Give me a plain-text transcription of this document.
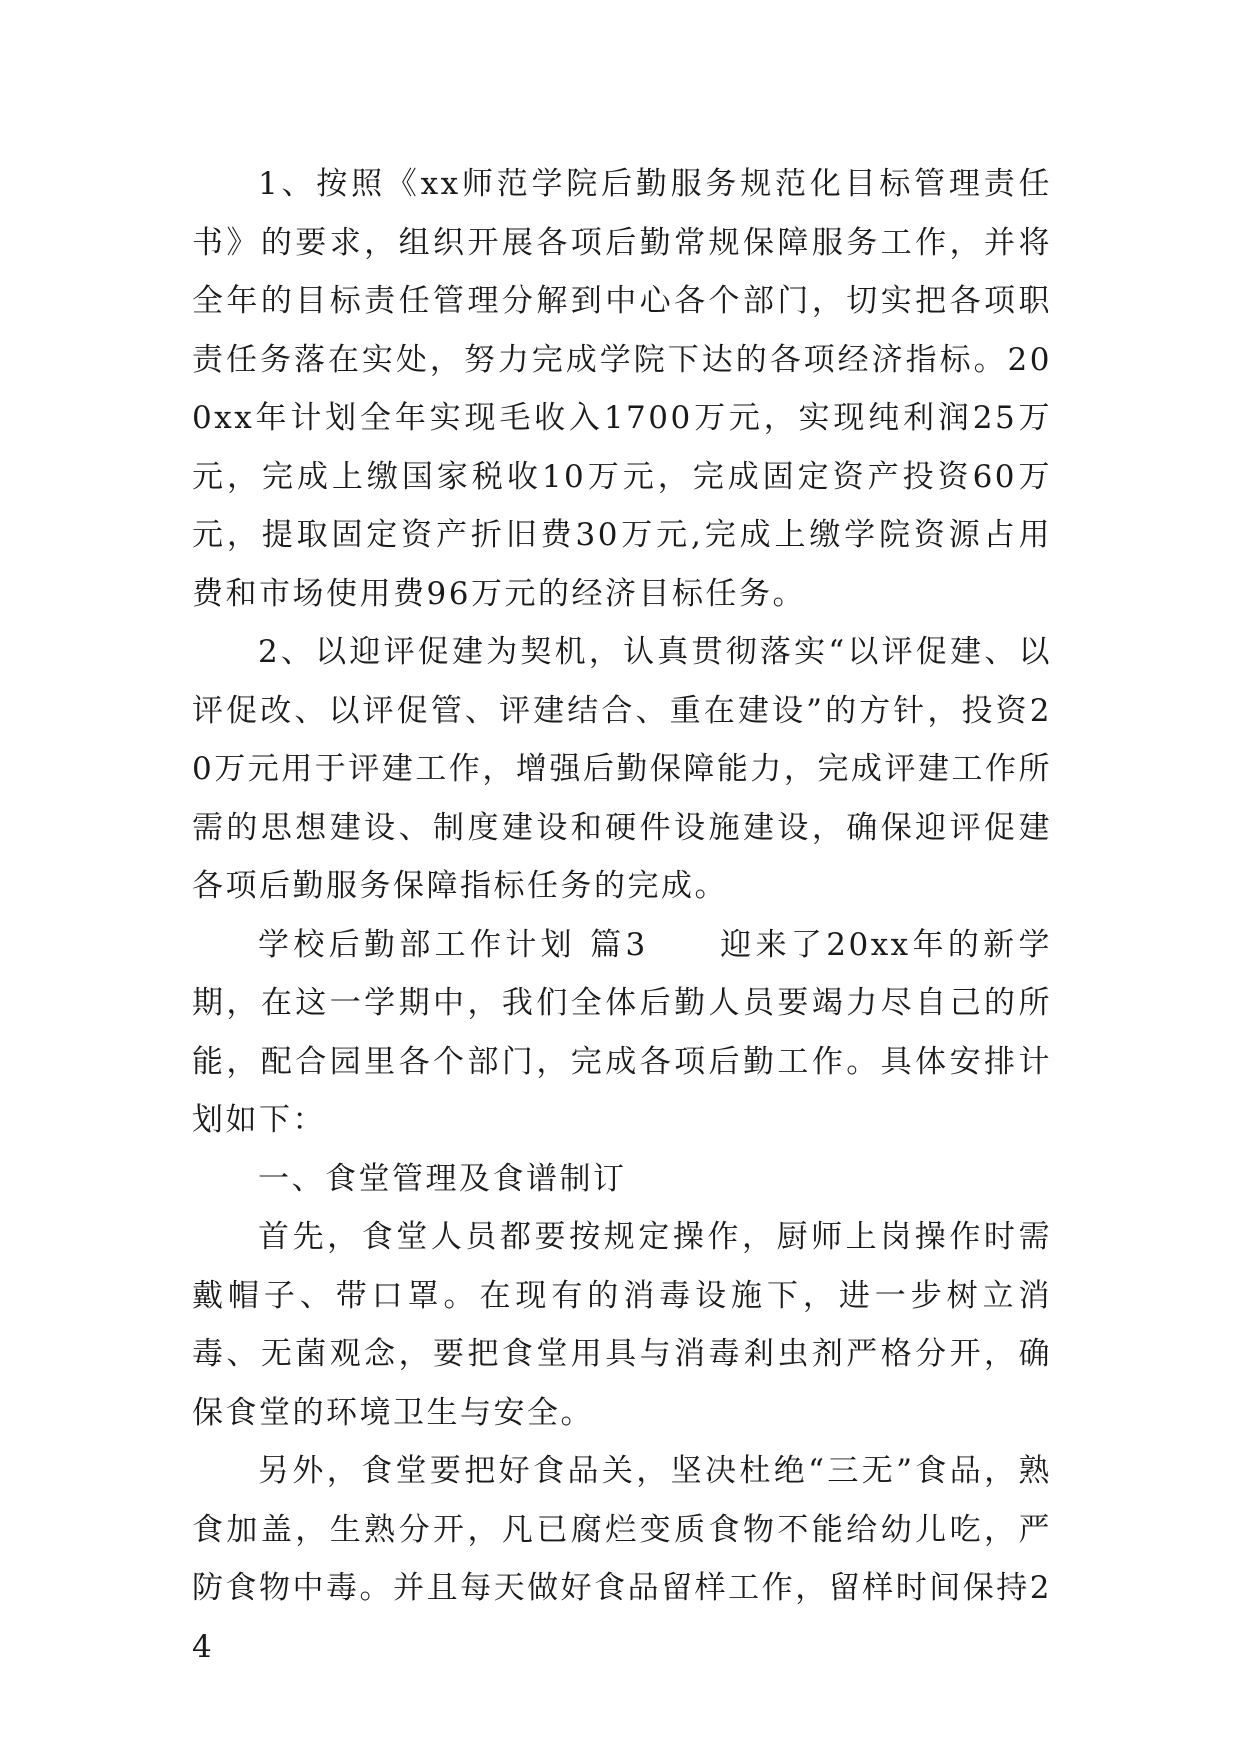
1、按照《xx师范学院后勤服务规范化目标管理责任书》的要求，组织开展各项后勤常规保障服务工作，并将全年的目标责任管理分解到中心各个部门，切实把各项职责任务落在实处，努力完成学院下达的各项经济指标。200xx年计划全年实现毛收入1700万元，实现纯利润25万元，完成上缴国家税收10万元，完成固定资产投资60万元，提取固定资产折旧费30万元,完成上缴学院资源占用费和市场使用费96万元的经济目标任务。

2、以迎评促建为契机，认真贯彻落实“以评促建、以评促改、以评促管、评建结合、重在建设”的方针，投资20万元用于评建工作，增强后勤保障能力，完成评建工作所需的思想建设、制度建设和硬件设施建设，确保迎评促建各项后勤服务保障指标任务的完成。

学校后勤部工作计划 篇3　　迎来了20xx年的新学期，在这一学期中，我们全体后勤人员要竭力尽自己的所能，配合园里各个部门，完成各项后勤工作。具体安排计划如下：

一、食堂管理及食谱制订

首先，食堂人员都要按规定操作，厨师上岗操作时需戴帽子、带口罩。在现有的消毒设施下，进一步树立消毒、无菌观念，要把食堂用具与消毒剎虫剂严格分开，确保食堂的环境卫生与安全。

另外，食堂要把好食品关，坚决杜绝“三无”食品，熟食加盖，生熟分开，凡已腐烂变质食物不能给幼儿吃，严防食物中毒。并且每天做好食品留样工作，留样时间保持24
